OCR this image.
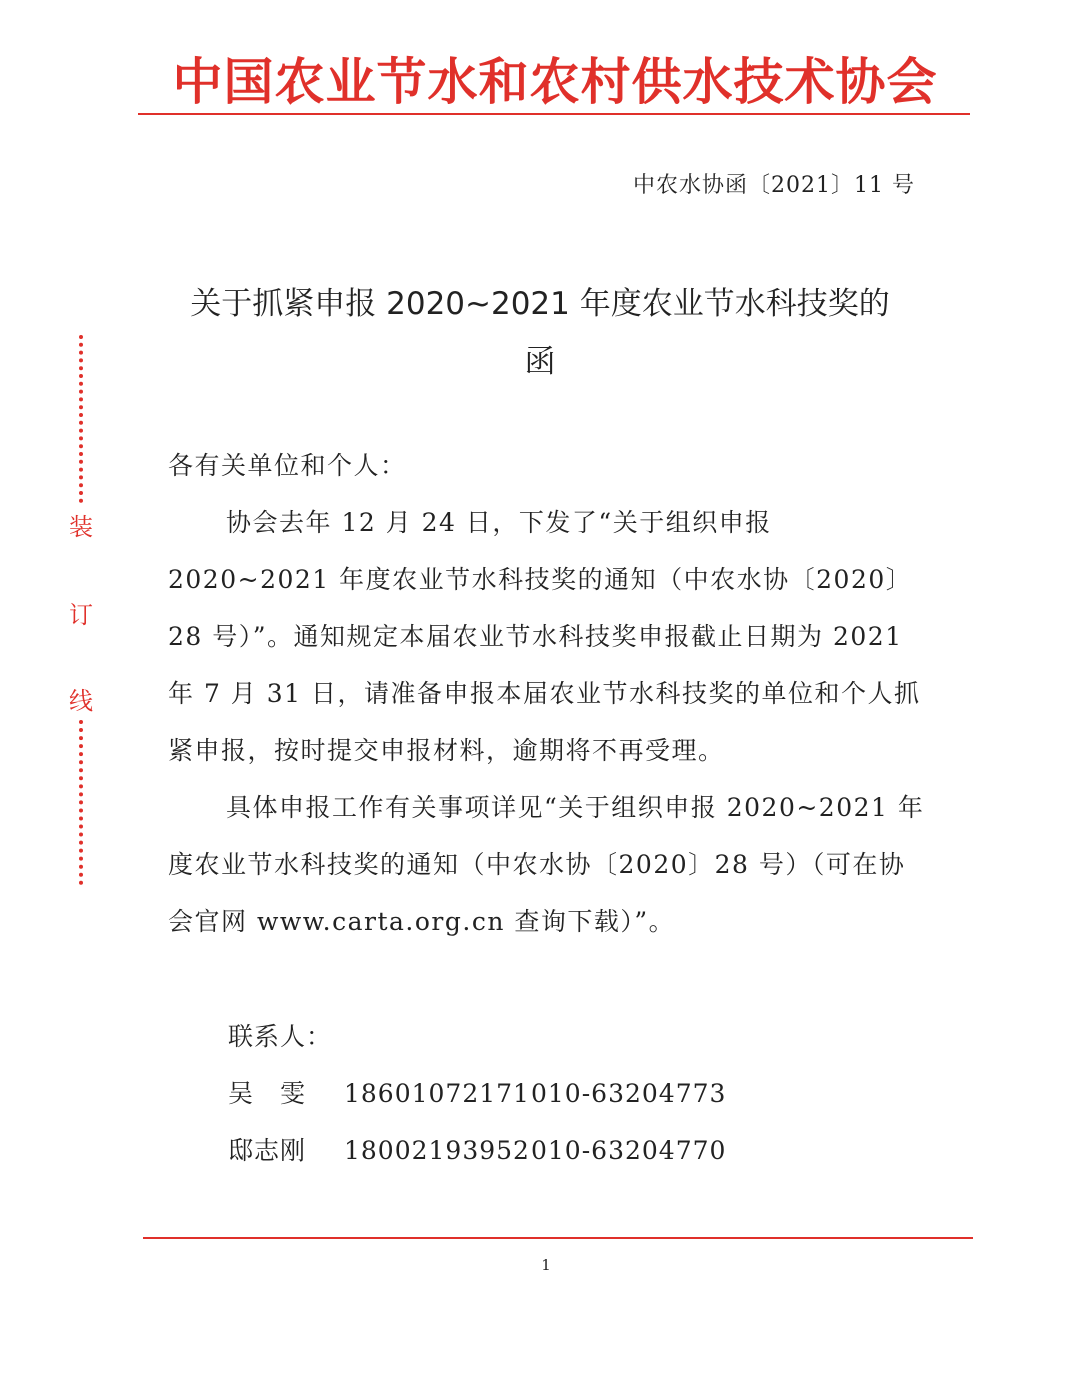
中国农业节水和农村供水技术协会
中农水协函〔2021〕11 号
关于抓紧申报 2020~2021 年度农业节水科技奖的
函
装
订
线

各有关单位和个人：

协会去年 12 月 24 日，下发了“关于组织申报 2020~2021 年度农业节水科技奖的通知（中农水协〔2020〕28 号）”。通知规定本届农业节水科技奖申报截止日期为 2021 年 7 月 31 日，请准备申报本届农业节水科技奖的单位和个人抓紧申报，按时提交申报材料，逾期将不再受理。

具体申报工作有关事项详见“关于组织申报 2020~2021 年度农业节水科技奖的通知（中农水协〔2020〕28 号）（可在协会官网 www.carta.org.cn 查询下载）”。

联系人：
吴　雯	18601072171 010-63204773
邸志刚	18002193952 010-63204770
1
